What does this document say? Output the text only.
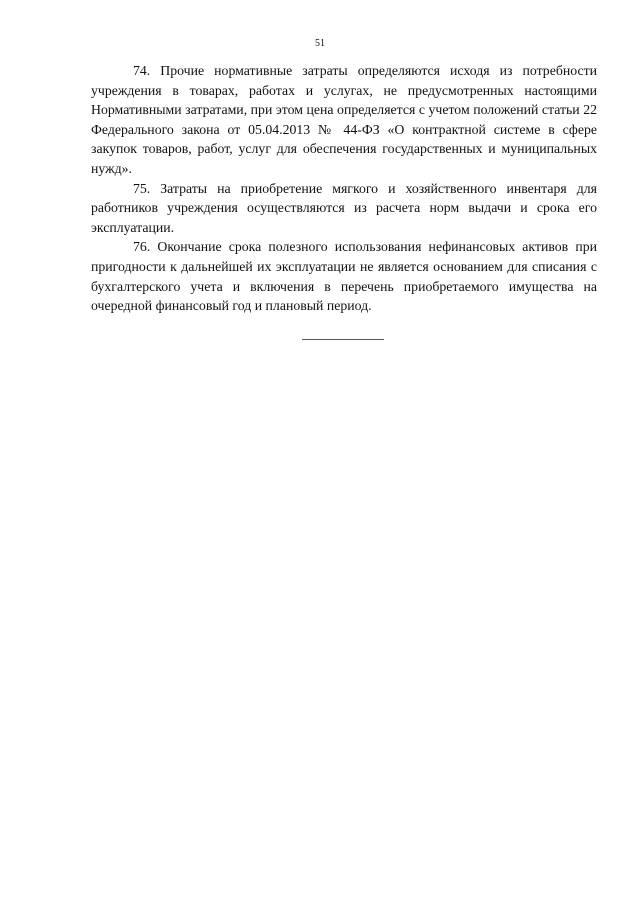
51

74. Прочие нормативные затраты определяются исходя из потребности учреждения в товарах, работах и услугах, не предусмотренных настоящими Нормативными затратами, при этом цена определяется с учетом положений статьи 22 Федерального закона от 05.04.2013 № 44-ФЗ «О контрактной системе в сфере закупок товаров, работ, услуг для обеспечения государственных и муниципальных нужд».

75. Затраты на приобретение мягкого и хозяйственного инвентаря для работников учреждения осуществляются из расчета норм выдачи и срока его эксплуатации.

76. Окончание срока полезного использования нефинансовых активов при пригодности к дальнейшей их эксплуатации не является основанием для списания с бухгалтерского учета и включения в перечень приобретаемого имущества на очередной финансовый год и плановый период.
